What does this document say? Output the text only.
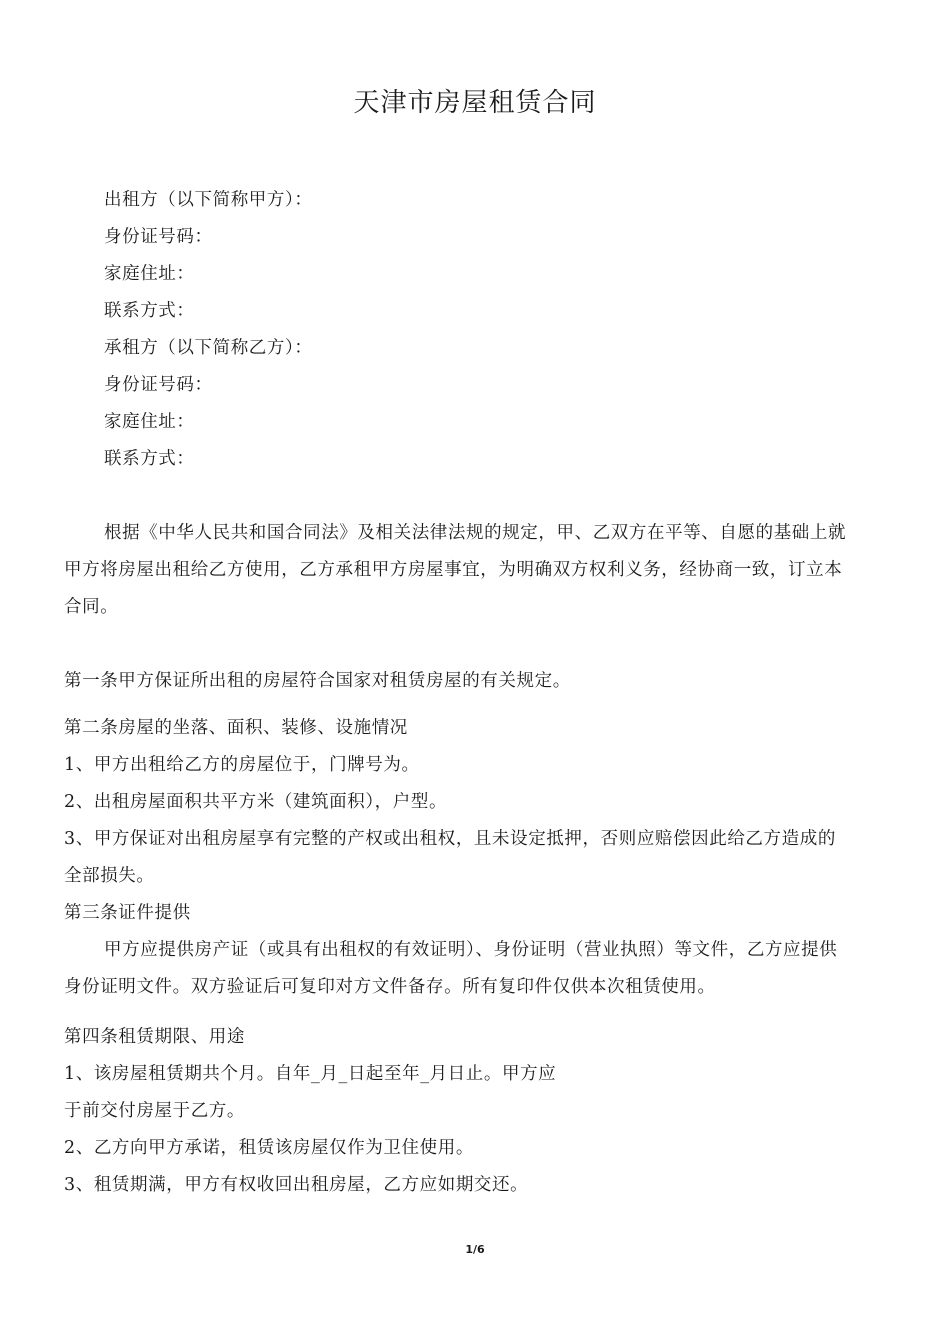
天津市房屋租赁合同
出租方（以下简称甲方）：
身份证号码：
家庭住址：
联系方式：
承租方（以下简称乙方）：
身份证号码：
家庭住址：
联系方式：
根据《中华人民共和国合同法》及相关法律法规的规定，甲、乙双方在平等、自愿的基础上就
甲方将房屋出租给乙方使用，乙方承租甲方房屋事宜，为明确双方权利义务，经协商一致，订立本
合同。
第一条甲方保证所出租的房屋符合国家对租赁房屋的有关规定。
第二条房屋的坐落、面积、装修、设施情况
1、甲方出租给乙方的房屋位于，门牌号为。
2、出租房屋面积共平方米（建筑面积），户型。
3、甲方保证对出租房屋享有完整的产权或出租权，且未设定抵押，否则应赔偿因此给乙方造成的
全部损失。
第三条证件提供
甲方应提供房产证（或具有出租权的有效证明）、身份证明（营业执照）等文件，乙方应提供
身份证明文件。双方验证后可复印对方文件备存。所有复印件仅供本次租赁使用。
第四条租赁期限、用途
1、该房屋租赁期共个月。自年_月_日起至年_月日止。甲方应
于前交付房屋于乙方。
2、乙方向甲方承诺，租赁该房屋仅作为卫住使用。
3、租赁期满，甲方有权收回出租房屋，乙方应如期交还。
1/6
